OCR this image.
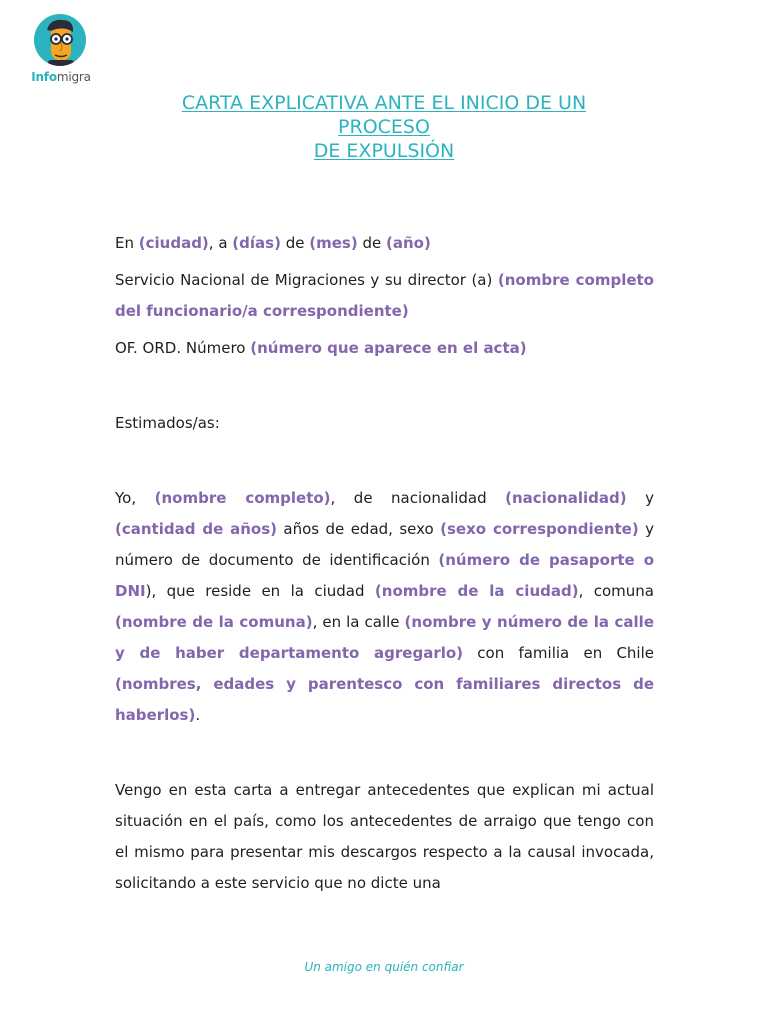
Infomigra
CARTA EXPLICATIVA ANTE EL INICIO DE UN
PROCESO
DE EXPULSIÓN

En (ciudad), a (días) de (mes) de (año)

Servicio Nacional de Migraciones y su director (a) (nombre completo del funcionario/a correspondiente)

OF. ORD. Número (número que aparece en el acta)

Estimados/as:

Yo, (nombre completo), de nacionalidad (nacionalidad) y (cantidad de años) años de edad, sexo (sexo correspondiente) y número de documento de identificación (número de pasaporte o DNI), que reside en la ciudad (nombre de la ciudad), comuna (nombre de la comuna), en la calle (nombre y número de la calle y de haber departamento agregarlo) con familia en Chile (nombres, edades y parentesco con familiares directos de haberlos).

Vengo en esta carta a entregar antecedentes que explican mi actual situación en el país, como los antecedentes de arraigo que tengo con el mismo para presentar mis descargos respecto a la causal invocada, solicitando a este servicio que no dicte una

Un amigo en quién confiar
